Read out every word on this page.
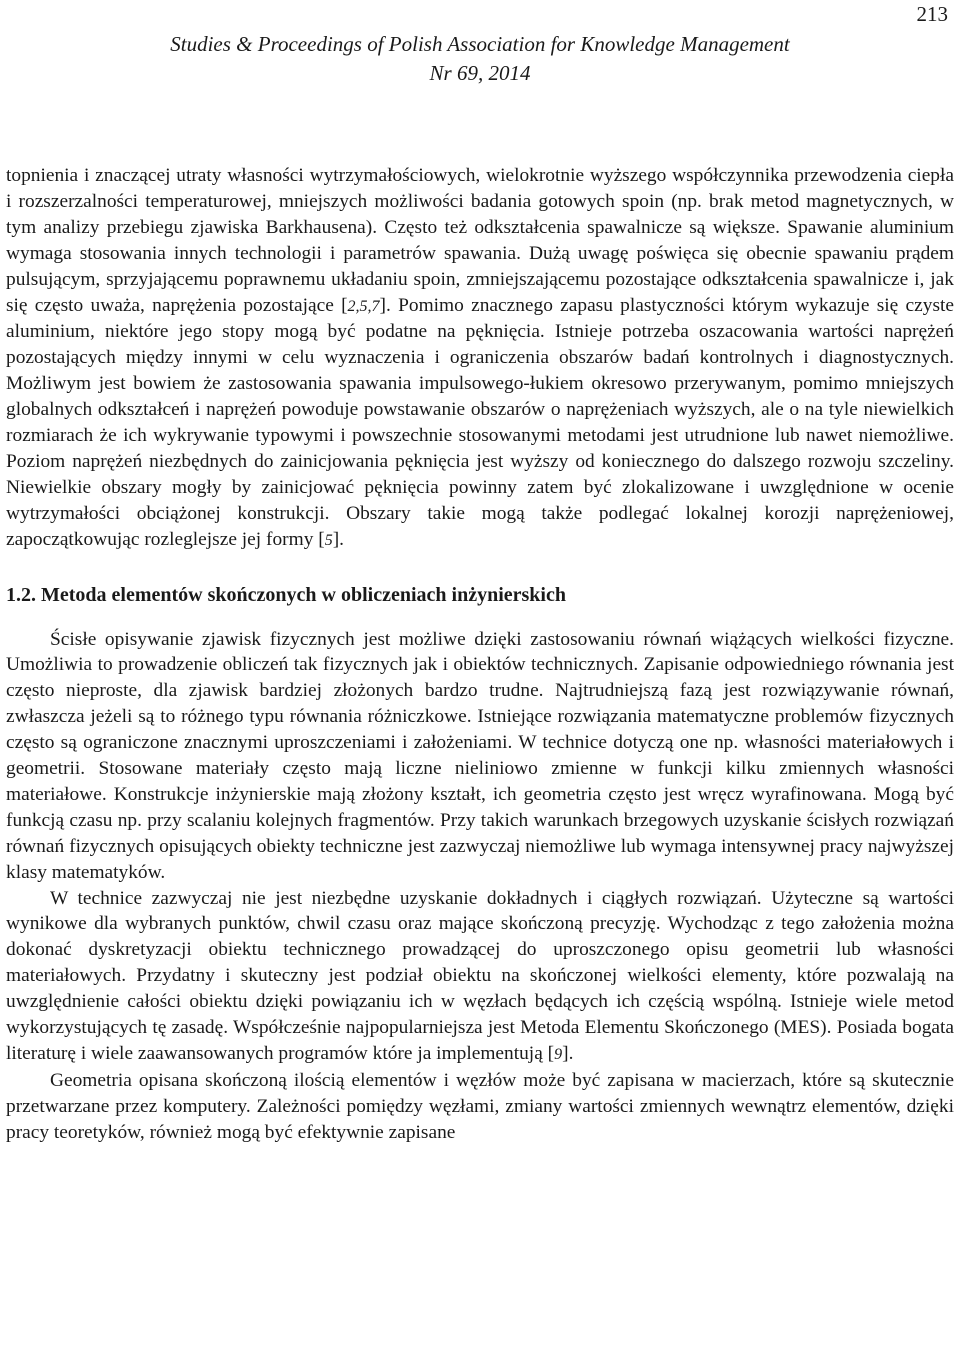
213
Studies & Proceedings of Polish Association for Knowledge Management
Nr 69, 2014

topnienia i znaczącej utraty własności wytrzymałościowych, wielokrotnie wyższego współczynnika przewodzenia ciepła i rozszerzalności temperaturowej, mniejszych możliwości badania gotowych spoin (np. brak metod magnetycznych, w tym analizy przebiegu zjawiska Barkhausena). Często też odkształcenia spawalnicze są większe. Spawanie aluminium wymaga stosowania innych technologii i parametrów spawania. Dużą uwagę poświęca się obecnie spawaniu prądem pulsującym, sprzyjającemu poprawnemu układaniu spoin, zmniejszającemu pozostające odkształcenia spawalnicze i, jak się często uważa, naprężenia pozostające [2,5,7]. Pomimo znacznego zapasu plastyczności którym wykazuje się czyste aluminium, niektóre jego stopy mogą być podatne na pęknięcia. Istnieje potrzeba oszacowania wartości naprężeń pozostających między innymi w celu wyznaczenia i ograniczenia obszarów badań kontrolnych i diagnostycznych. Możliwym jest bowiem że zastosowania spawania impulsowego-łukiem okresowo przerywanym, pomimo mniejszych globalnych odkształceń i naprężeń powoduje powstawanie obszarów o naprężeniach wyższych, ale o na tyle niewielkich rozmiarach że ich wykrywanie typowymi i powszechnie stosowanymi metodami jest utrudnione lub nawet niemożliwe. Poziom naprężeń niezbędnych do zainicjowania pęknięcia jest wyższy od koniecznego do dalszego rozwoju szczeliny. Niewielkie obszary mogły by zainicjować pęknięcia powinny zatem być zlokalizowane i uwzględnione w ocenie wytrzymałości obciążonej konstrukcji. Obszary takie mogą także podlegać lokalnej korozji naprężeniowej, zapoczątkowując rozleglejsze jej formy [5].

1.2. Metoda elementów skończonych w obliczeniach inżynierskich

Ścisłe opisywanie zjawisk fizycznych jest możliwe dzięki zastosowaniu równań wiążących wielkości fizyczne. Umożliwia to prowadzenie obliczeń tak fizycznych jak i obiektów technicznych. Zapisanie odpowiedniego równania jest często nieproste, dla zjawisk bardziej złożonych bardzo trudne. Najtrudniejszą fazą jest rozwiązywanie równań, zwłaszcza jeżeli są to różnego typu równania różniczkowe. Istniejące rozwiązania matematyczne problemów fizycznych często są ograniczone znacznymi uproszczeniami i założeniami. W technice dotyczą one np. własności materiałowych i geometrii. Stosowane materiały często mają liczne nieliniowo zmienne w funkcji kilku zmiennych własności materiałowe. Konstrukcje inżynierskie mają złożony kształt, ich geometria często jest wręcz wyrafinowana. Mogą być funkcją czasu np. przy scalaniu kolejnych fragmentów. Przy takich warunkach brzegowych uzyskanie ścisłych rozwiązań równań fizycznych opisujących obiekty techniczne jest zazwyczaj niemożliwe lub wymaga intensywnej pracy najwyższej klasy matematyków.

W technice zazwyczaj nie jest niezbędne uzyskanie dokładnych i ciągłych rozwiązań. Użyteczne są wartości wynikowe dla wybranych punktów, chwil czasu oraz mające skończoną precyzję. Wychodząc z tego założenia można dokonać dyskretyzacji obiektu technicznego prowadzącej do uproszczonego opisu geometrii lub własności materiałowych. Przydatny i skuteczny jest podział obiektu na skończonej wielkości elementy, które pozwalają na uwzględnienie całości obiektu dzięki powiązaniu ich w węzłach będących ich częścią wspólną. Istnieje wiele metod wykorzystujących tę zasadę. Współcześnie najpopularniejsza jest Metoda Elementu Skończonego (MES). Posiada bogata literaturę i wiele zaawansowanych programów które ja implementują [9].

Geometria opisana skończoną ilością elementów i węzłów może być zapisana w macierzach, które są skutecznie przetwarzane przez komputery. Zależności pomiędzy węzłami, zmiany wartości zmiennych wewnątrz elementów, dzięki pracy teoretyków, również mogą być efektywnie zapisane
